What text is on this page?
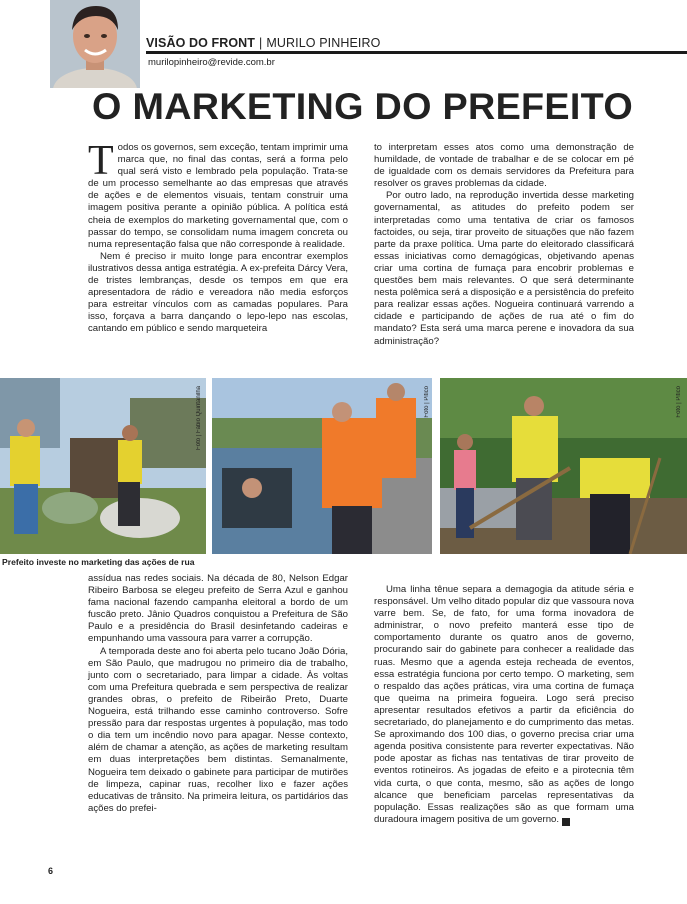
VISÃO DO FRONT | MURILO PINHEIRO
murilopinheiro@revide.com.br
O MARKETING DO PREFEITO

Todos os governos, sem exceção, tentam imprimir uma marca que, no final das contas, será a forma pelo qual será visto e lembrado pela população. Trata-se de um processo semelhante ao das empresas que através de ações e de elementos visuais, tentam construir uma imagem positiva perante a opinião pública. A política está cheia de exemplos do marketing governamental que, com o passar do tempo, se consolidam numa imagem concreta ou numa representação falsa que não corresponde à realidade.

Nem é preciso ir muito longe para encontrar exemplos ilustrativos dessa antiga estratégia. A ex-prefeita Dárcy Vera, de tristes lembranças, desde os tempos em que era apresentadora de rádio e vereadora não media esforços para estreitar vínculos com as camadas populares. Para isso, forçava a barra dançando o lepo-lepo nas escolas, cantando em público e sendo marqueteira

to interpretam esses atos como uma demonstração de humildade, de vontade de trabalhar e de se colocar em pé de igualdade com os demais servidores da Prefeitura para resolver os graves problemas da cidade.

Por outro lado, na reprodução invertida desse marketing governamental, as atitudes do prefeito podem ser interpretadas como uma tentativa de criar os famosos factoides, ou seja, tirar proveito de situações que não fazem parte da praxe política. Uma parte do eleitorado classificará essas iniciativas como demagógicas, objetivando apenas criar uma cortina de fumaça para encobrir problemas e questões bem mais relevantes. O que será determinante nesta polêmica será a disposição e a persistência do prefeito para realizar essas ações. Nogueira continuará varrendo a cidade e participando de ações de rua até o fim do mandato? Esta será uma marca perene e inovadora da sua administração?

Foto | Fábio Quintanilha	Foto | Pitico	Foto | Pitico
Prefeito investe no marketing das ações de rua

assídua nas redes sociais. Na década de 80, Nelson Edgar Ribeiro Barbosa se elegeu prefeito de Serra Azul e ganhou fama nacional fazendo campanha eleitoral a bordo de um fuscão preto. Jânio Quadros conquistou a Prefeitura de São Paulo e a presidência do Brasil desinfetando cadeiras e empunhando uma vassoura para varrer a corrupção.

A temporada deste ano foi aberta pelo tucano João Dória, em São Paulo, que madrugou no primeiro dia de trabalho, junto com o secretariado, para limpar a cidade. Às voltas com uma Prefeitura quebrada e sem perspectiva de realizar grandes obras, o prefeito de Ribeirão Preto, Duarte Nogueira, está trilhando esse caminho controverso. Sofre pressão para dar respostas urgentes à população, mas todo o dia tem um incêndio novo para apagar. Nesse contexto, além de chamar a atenção, as ações de marketing resultam em duas interpretações bem distintas. Semanalmente, Nogueira tem deixado o gabinete para participar de mutirões de limpeza, capinar ruas, recolher lixo e fazer ações educativas de trânsito. Na primeira leitura, os partidários das ações do prefei-

Uma linha tênue separa a demagogia da atitude séria e responsável. Um velho ditado popular diz que vassoura nova varre bem. Se, de fato, for uma forma inovadora de administrar, o novo prefeito manterá esse tipo de comportamento durante os quatro anos de governo, procurando sair do gabinete para conhecer a realidade das ruas. Mesmo que a agenda esteja recheada de eventos, essa estratégia funciona por certo tempo. O marketing, sem o respaldo das ações práticas, vira uma cortina de fumaça que queima na primeira fogueira. Logo será preciso apresentar resultados efetivos a partir da eficiência do secretariado, do planejamento e do cumprimento das metas. Se aproximando dos 100 dias, o governo precisa criar uma agenda positiva consistente para reverter expectativas. Não pode apostar as fichas nas tentativas de tirar proveito de eventos rotineiros. As jogadas de efeito e a pirotecnia têm vida curta, o que conta, mesmo, são as ações de longo alcance que beneficiam parcelas representativas da população. Essas realizações são as que formam uma duradoura imagem positiva de um governo. r

6
